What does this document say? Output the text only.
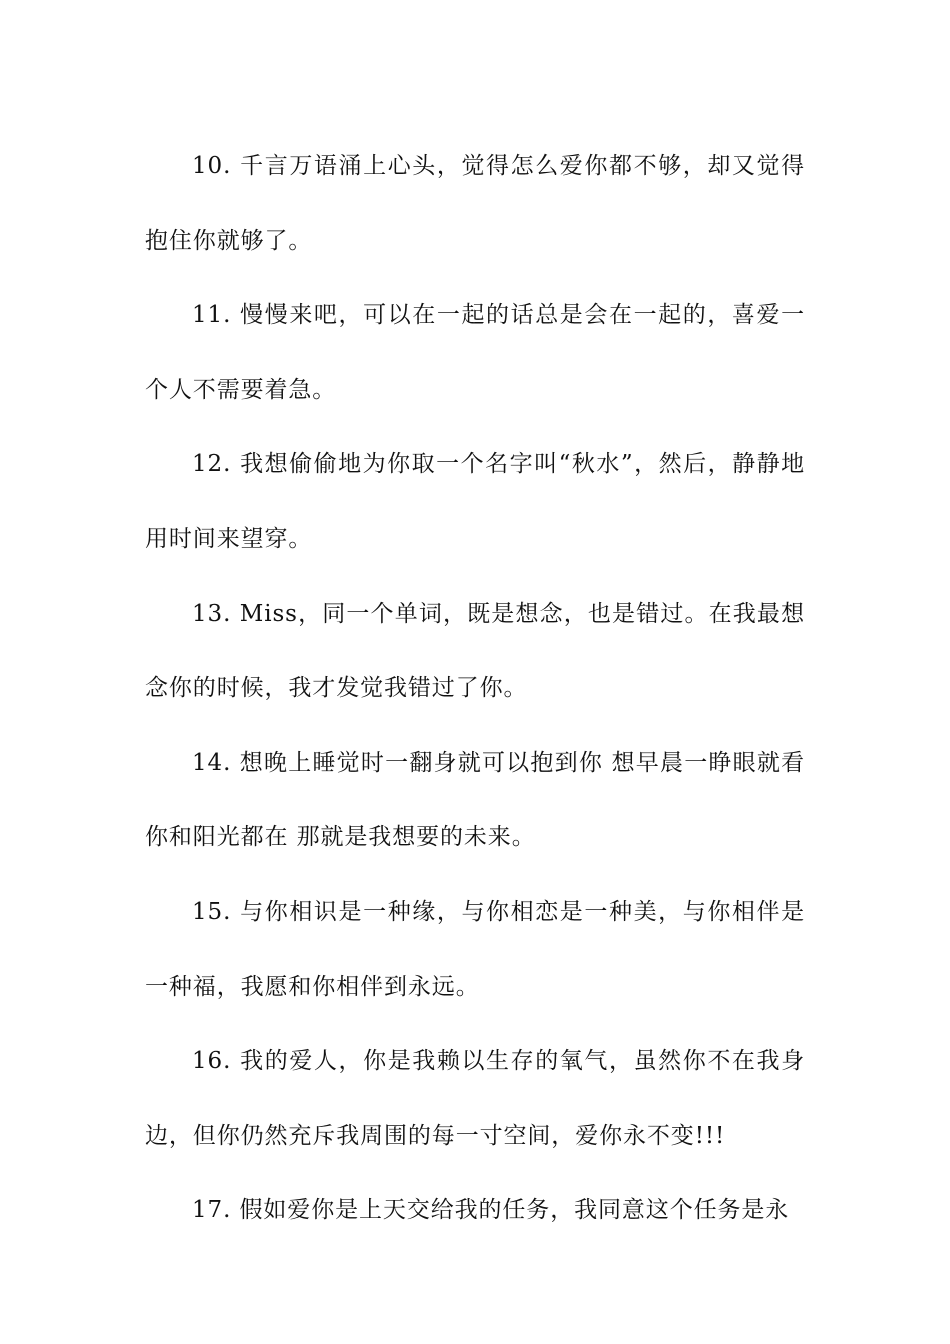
10. 千言万语涌上心头，觉得怎么爱你都不够，却又觉得抱住你就够了。

11. 慢慢来吧，可以在一起的话总是会在一起的，喜爱一个人不需要着急。

12. 我想偷偷地为你取一个名字叫“秋水”，然后，静静地用时间来望穿。

13. Miss，同一个单词，既是想念，也是错过。在我最想念你的时候，我才发觉我错过了你。

14. 想晚上睡觉时一翻身就可以抱到你 想早晨一睁眼就看你和阳光都在 那就是我想要的未来。

15. 与你相识是一种缘，与你相恋是一种美，与你相伴是一种福，我愿和你相伴到永远。

16. 我的爱人，你是我赖以生存的氧气，虽然你不在我身边，但你仍然充斥我周围的每一寸空间，爱你永不变!!!

17. 假如爱你是上天交给我的任务，我同意这个任务是永
